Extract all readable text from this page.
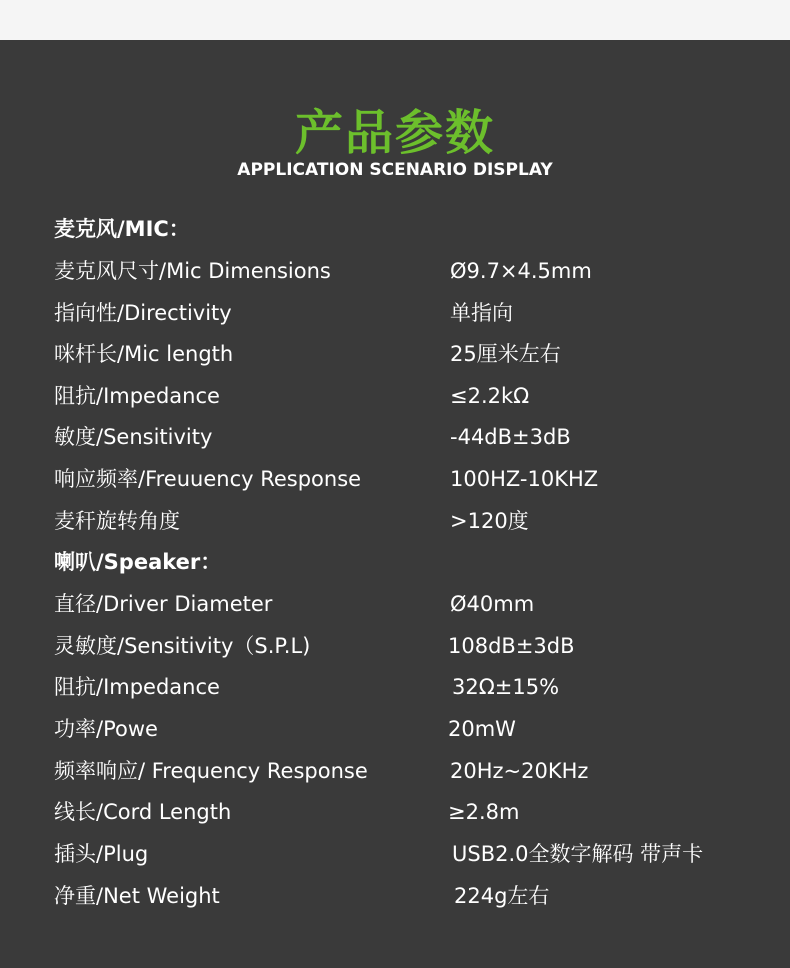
产品参数
APPLICATION SCENARIO DISPLAY
麦克风/MIC：
麦克风尺寸/Mic Dimensions	Ø9.7×4.5mm
指向性/Directivity	单指向
咪杆长/Mic length	25厘米左右
阻抗/Impedance	≤2.2kΩ
敏度/Sensitivity	-44dB±3dB
响应频率/Freuuency Response	100HZ-10KHZ
麦秆旋转角度	>120度
喇叭/Speaker：
直径/Driver Diameter	Ø40mm
灵敏度/Sensitivity（S.P.L)	108dB±3dB
阻抗/Impedance	32Ω±15%
功率/Powe	20mW
频率响应/ Frequency Response	20Hz~20KHz
线长/Cord Length	≥2.8m
插头/Plug	USB2.0全数字解码 带声卡
净重/Net Weight	224g左右
